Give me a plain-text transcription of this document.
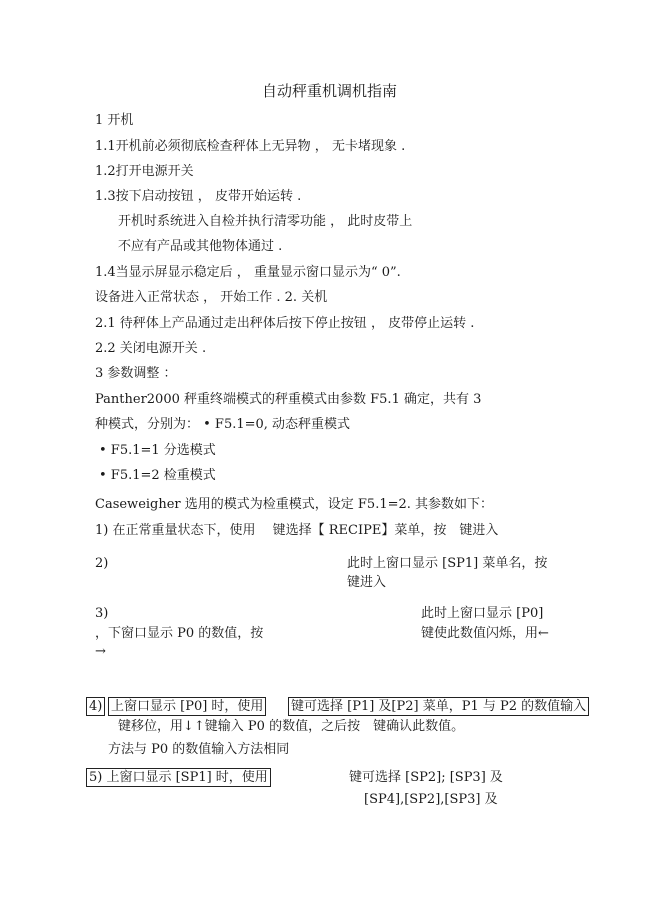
自动秤重机调机指南
1 开机
1.1开机前必须彻底检查秤体上无异物 ， 无卡堵现象 .
1.2打开电源开关
1.3按下启动按钮 ， 皮带开始运转 .
开机时系统进入自检并执行清零功能 ， 此时皮带上
不应有产品或其他物体通过 .
1.4当显示屏显示稳定后 ， 重量显示窗口显示为“ 0”.
设备进入正常状态 ， 开始工作 . 2. 关机
2.1 待秤体上产品通过走出秤体后按下停止按钮 ， 皮带停止运转 .
2.2 关闭电源开关 .
3 参数调整 ：
Panther2000 秤重终端模式的秤重模式由参数 F5.1 确定，共有 3
种模式，分别为： • F5.1=0, 动态秤重模式
• F5.1=1 分选模式
• F5.1=2 检重模式
Caseweigher 选用的模式为检重模式，设定 F5.1=2. 其参数如下：
1) 在正常重量状态下，使用　 键选择【 RECIPE】菜单，按　键进入
2)	此时上窗口显示 [SP1] 菜单名，按
键进入
3)	此时上窗口显示 [P0]
，下窗口显示 P0 的数值，按	键使此数值闪烁，用←
→
4) 上窗口显示 [P0] 时，使用 键可选择 [P1] 及[P2] 菜单，P1 与 P2 的数值输入
键移位，用↓↑键输入 P0 的数值，之后按　键确认此数值。
方法与 P0 的数值输入方法相同
5) 上窗口显示 [SP1] 时，使用	键可选择 [SP2]; [SP3] 及
[SP4],[SP2],[SP3] 及
